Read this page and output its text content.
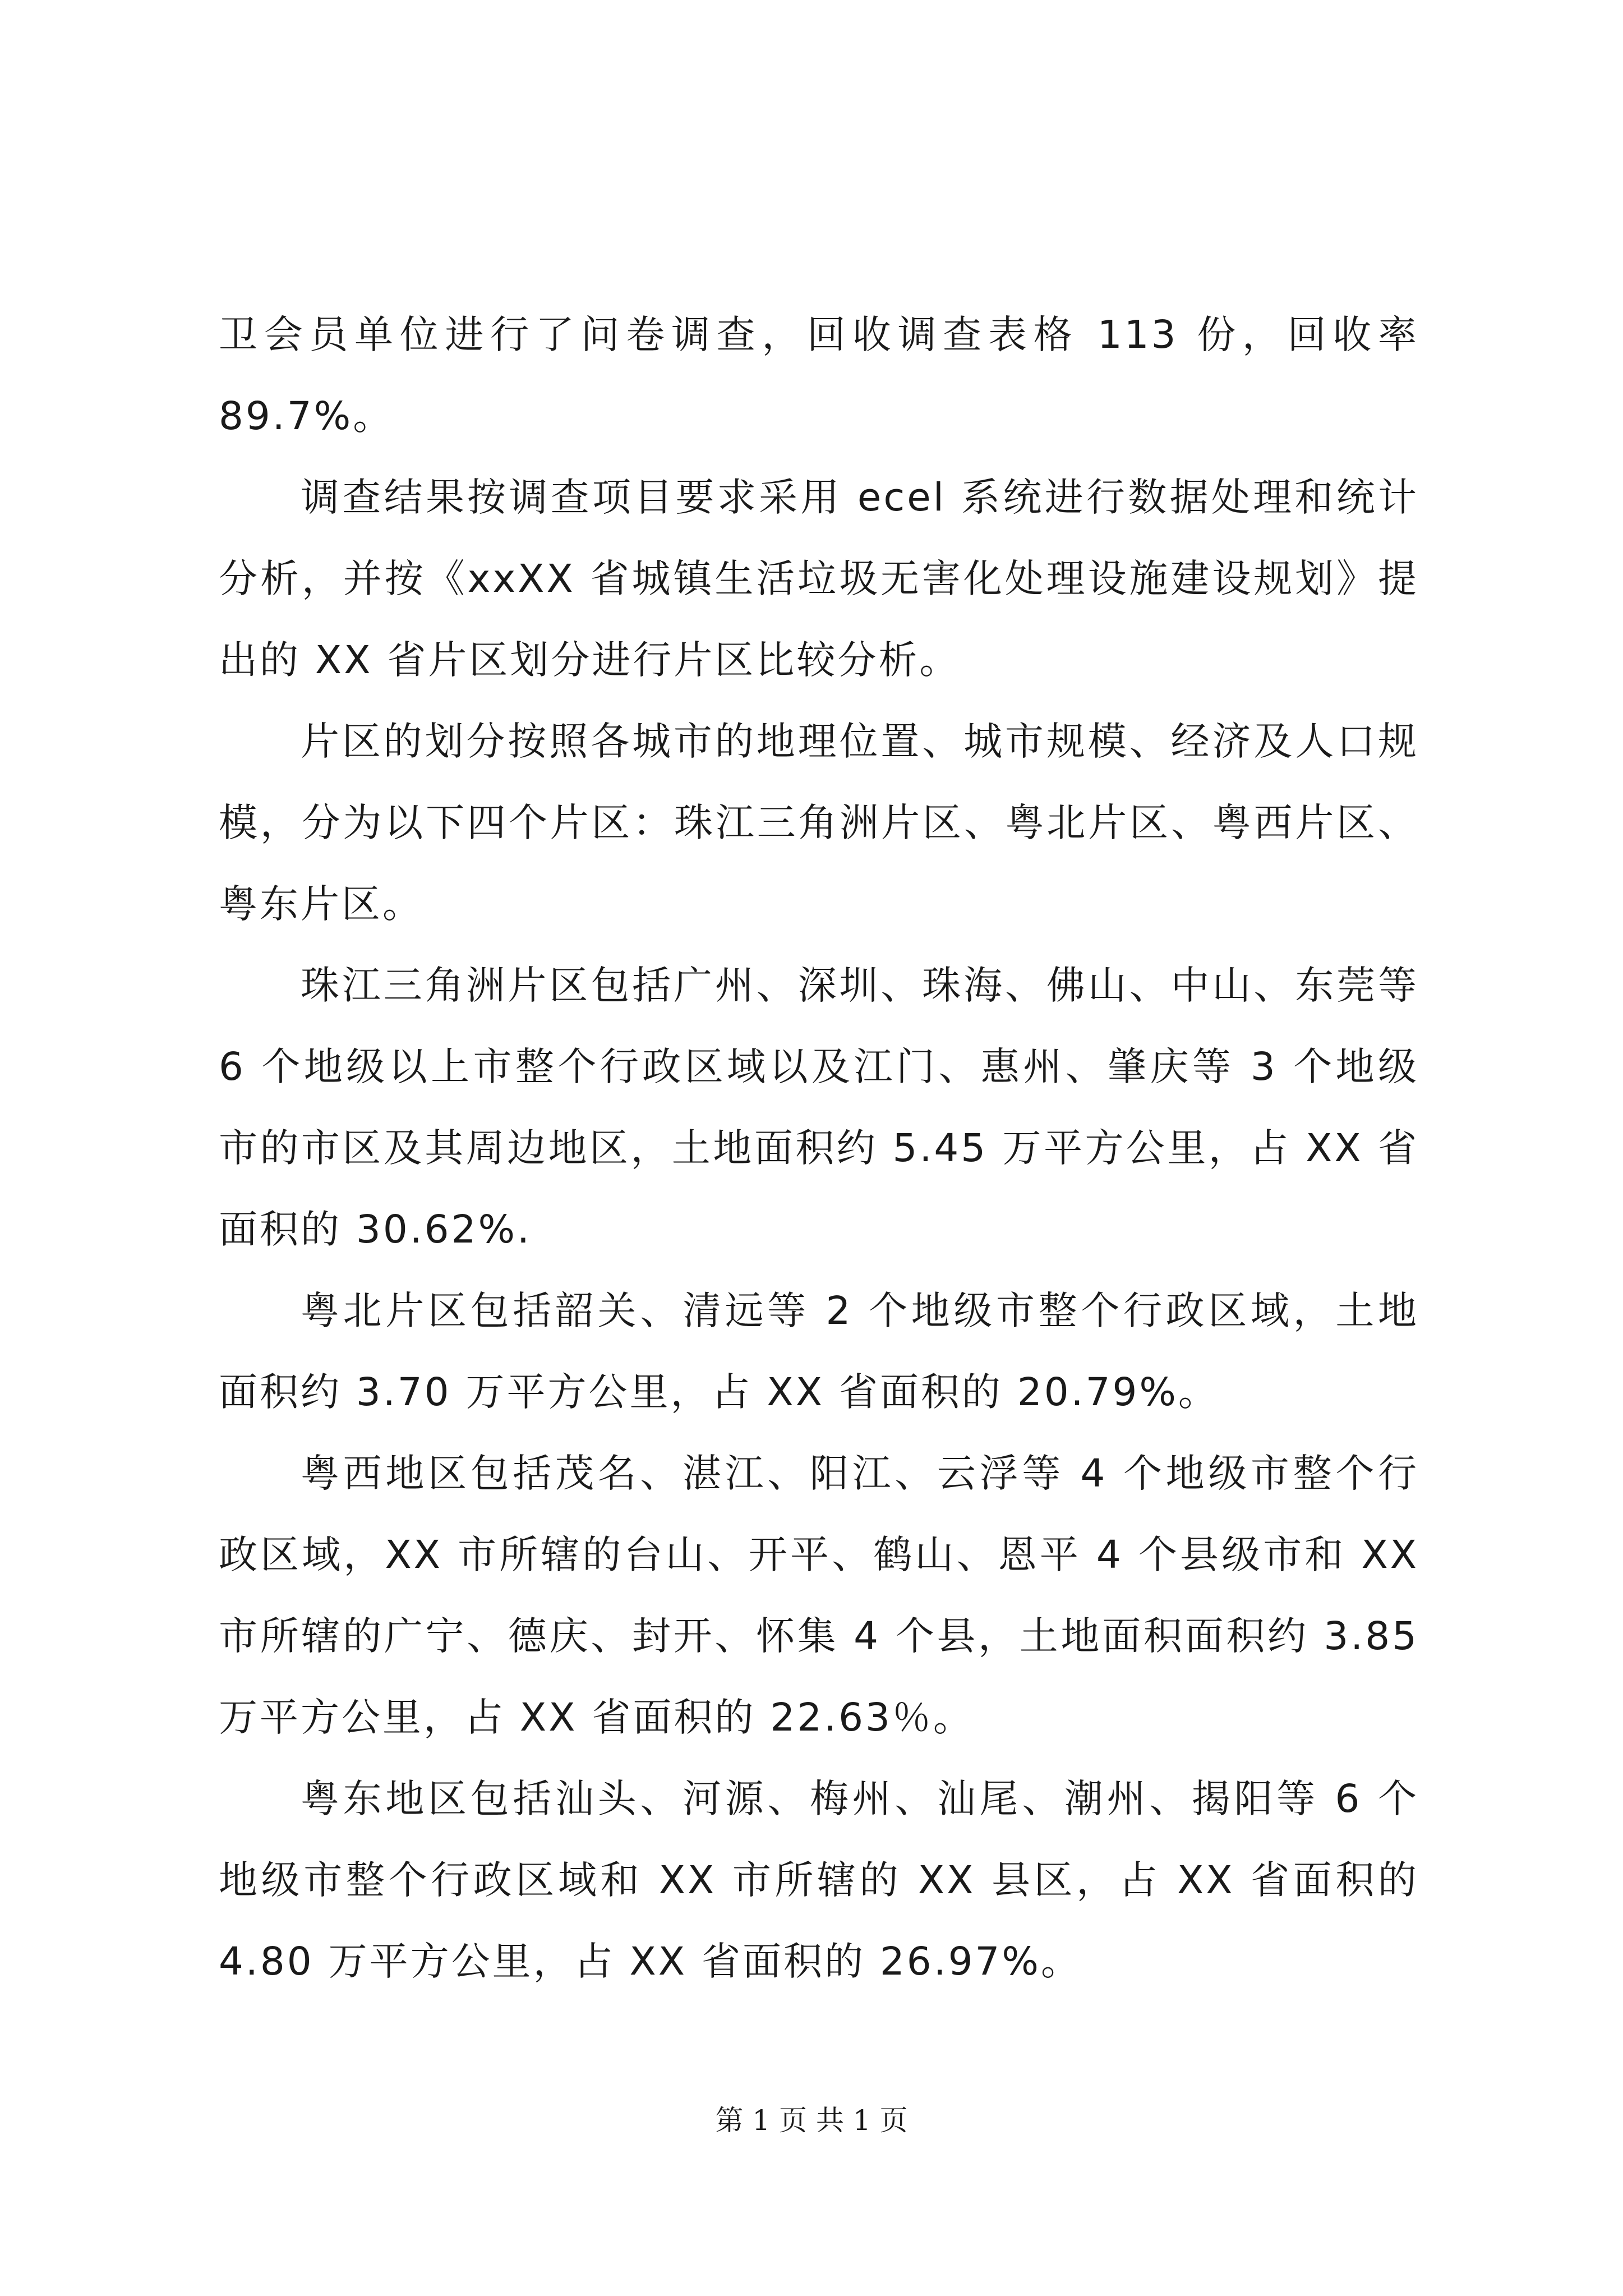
卫会员单位进行了问卷调查，回收调查表格 113 份，回收率 89.7%。

调查结果按调查项目要求采用 ecel 系统进行数据处理和统计分析，并按《xxXX 省城镇生活垃圾无害化处理设施建设规划》提出的 XX 省片区划分进行片区比较分析。

片区的划分按照各城市的地理位置、城市规模、经济及人口规模，分为以下四个片区：珠江三角洲片区、粤北片区、粤西片区、粤东片区。

珠江三角洲片区包括广州、深圳、珠海、佛山、中山、东莞等 6 个地级以上市整个行政区域以及江门、惠州、肇庆等 3 个地级市的市区及其周边地区，土地面积约 5.45 万平方公里，占 XX 省面积的 30.62%.

粤北片区包括韶关、清远等 2 个地级市整个行政区域，土地面积约 3.70 万平方公里，占 XX 省面积的 20.79%。

粤西地区包括茂名、湛江、阳江、云浮等 4 个地级市整个行政区域，XX 市所辖的台山、开平、鹤山、恩平 4 个县级市和 XX 市所辖的广宁、德庆、封开、怀集 4 个县，土地面积面积约 3.85 万平方公里，占 XX 省面积的 22.63％。

粤东地区包括汕头、河源、梅州、汕尾、潮州、揭阳等 6 个地级市整个行政区域和 XX 市所辖的 XX 县区，占 XX 省面积的 4.80 万平方公里，占 XX 省面积的 26.97%。

第 1 页 共 1 页
